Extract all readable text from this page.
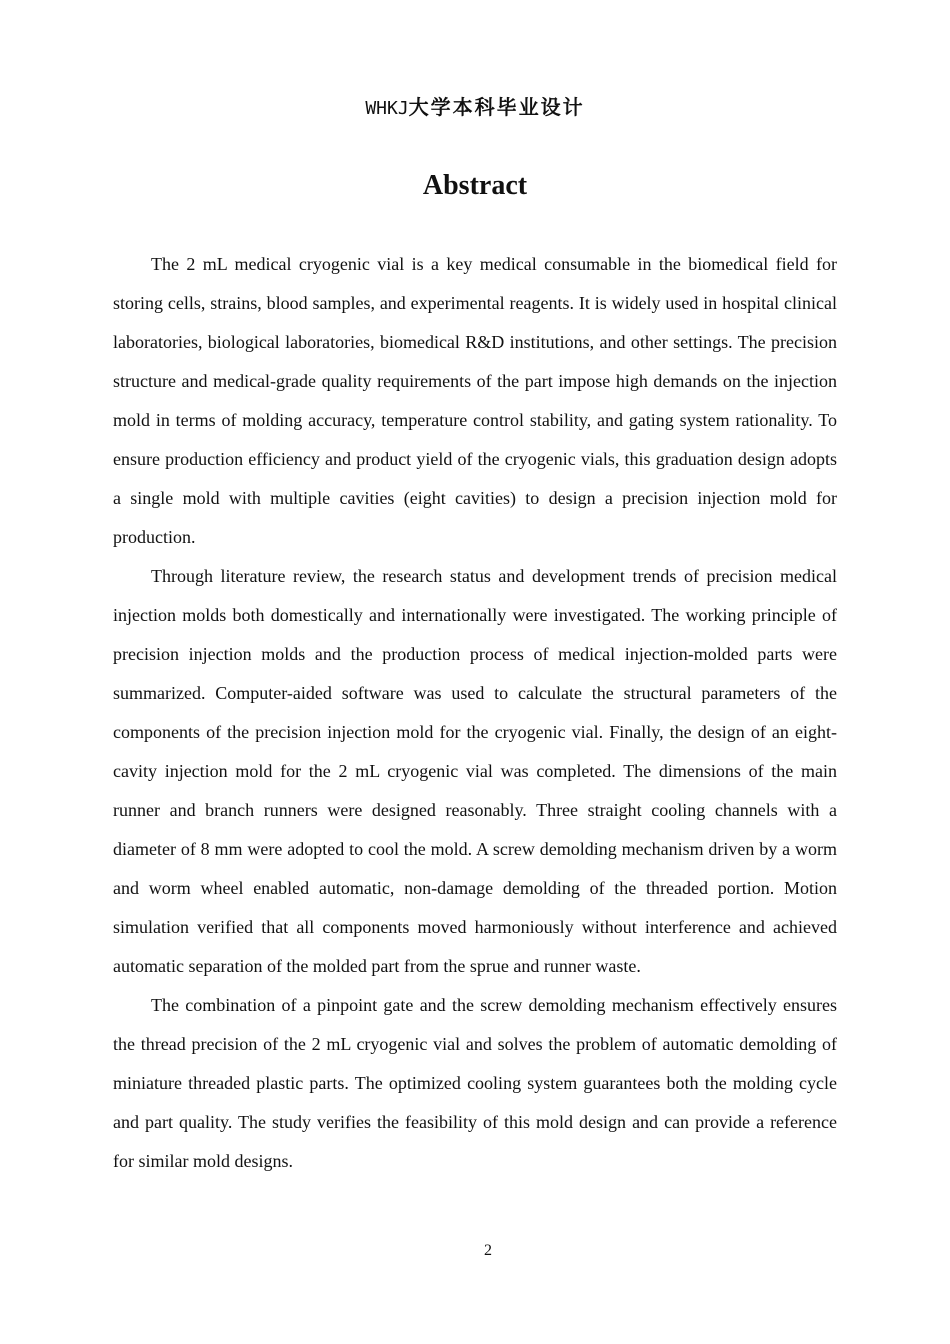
WHKJ大学本科毕业设计
Abstract

The 2 mL medical cryogenic vial is a key medical consumable in the biomedical field for storing cells, strains, blood samples, and experimental reagents. It is widely used in hospital clinical laboratories, biological laboratories, biomedical R&D institutions, and other settings. The precision structure and medical-grade quality requirements of the part impose high demands on the injection mold in terms of molding accuracy, temperature control stability, and gating system rationality. To ensure production efficiency and product yield of the cryogenic vials, this graduation design adopts a single mold with multiple cavities (eight cavities) to design a precision injection mold for production.

Through literature review, the research status and development trends of precision medical injection molds both domestically and internationally were investigated. The working principle of precision injection molds and the production process of medical injection-molded parts were summarized. Computer-aided software was used to calculate the structural parameters of the components of the precision injection mold for the cryogenic vial. Finally, the design of an eight-cavity injection mold for the 2 mL cryogenic vial was completed. The dimensions of the main runner and branch runners were designed reasonably. Three straight cooling channels with a diameter of 8 mm were adopted to cool the mold. A screw demolding mechanism driven by a worm and worm wheel enabled automatic, non-damage demolding of the threaded portion. Motion simulation verified that all components moved harmoniously without interference and achieved automatic separation of the molded part from the sprue and runner waste.

The combination of a pinpoint gate and the screw demolding mechanism effectively ensures the thread precision of the 2 mL cryogenic vial and solves the problem of automatic demolding of miniature threaded plastic parts. The optimized cooling system guarantees both the molding cycle and part quality. The study verifies the feasibility of this mold design and can provide a reference for similar mold designs.

2
